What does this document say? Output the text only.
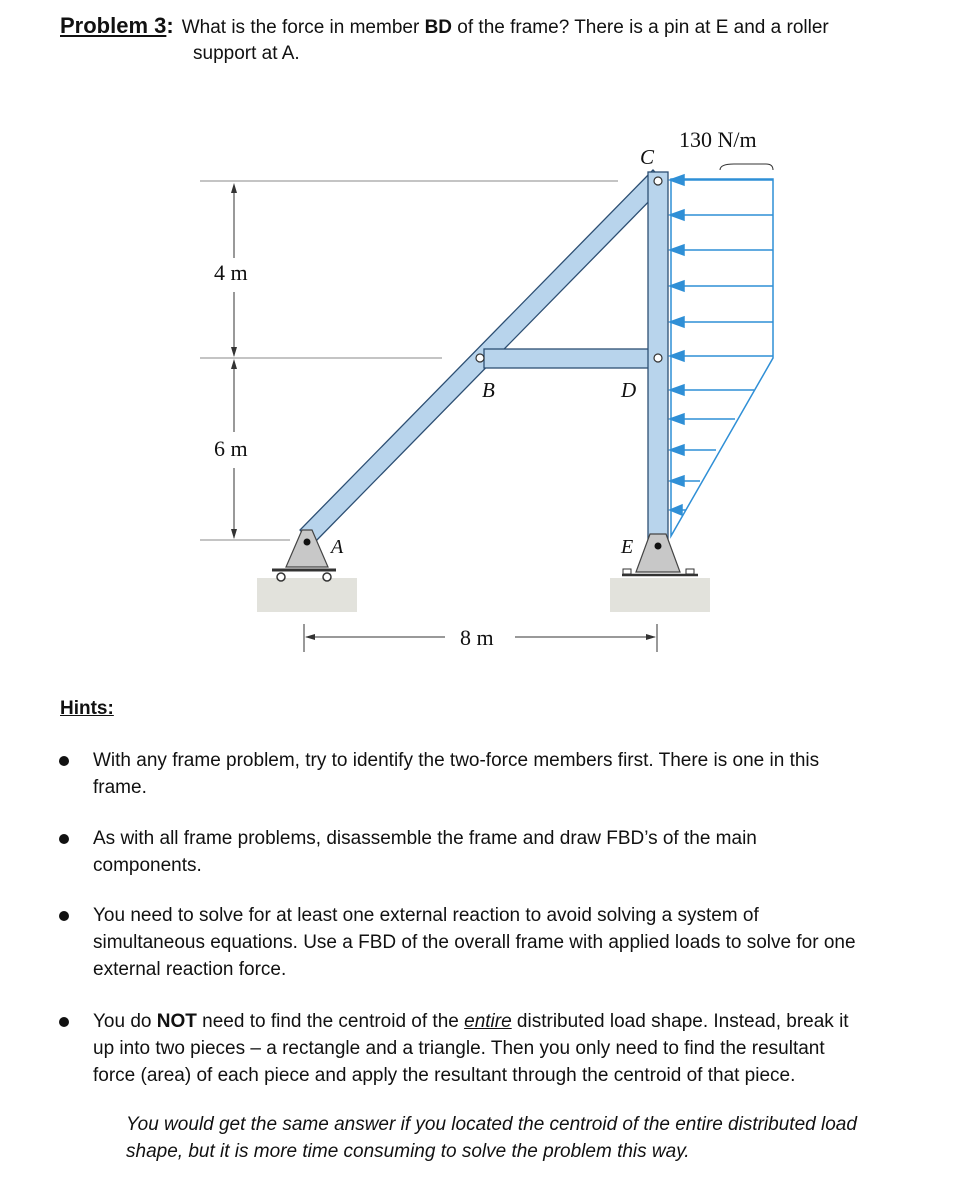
Problem 3: What is the force in member BD of the frame? There is a pin at E and a roller
support at A.
130 N/m
C
B	D
A	E
4 m
6 m
8 m
Hints:
With any frame problem, try to identify the two-force members first. There is one in this
frame.
As with all frame problems, disassemble the frame and draw FBD’s of the main
components.
You need to solve for at least one external reaction to avoid solving a system of
simultaneous equations. Use a FBD of the overall frame with applied loads to solve for one
external reaction force.
You do NOT need to find the centroid of the entire distributed load shape. Instead, break it
up into two pieces – a rectangle and a triangle. Then you only need to find the resultant
force (area) of each piece and apply the resultant through the centroid of that piece.
You would get the same answer if you located the centroid of the entire distributed load
shape, but it is more time consuming to solve the problem this way.
